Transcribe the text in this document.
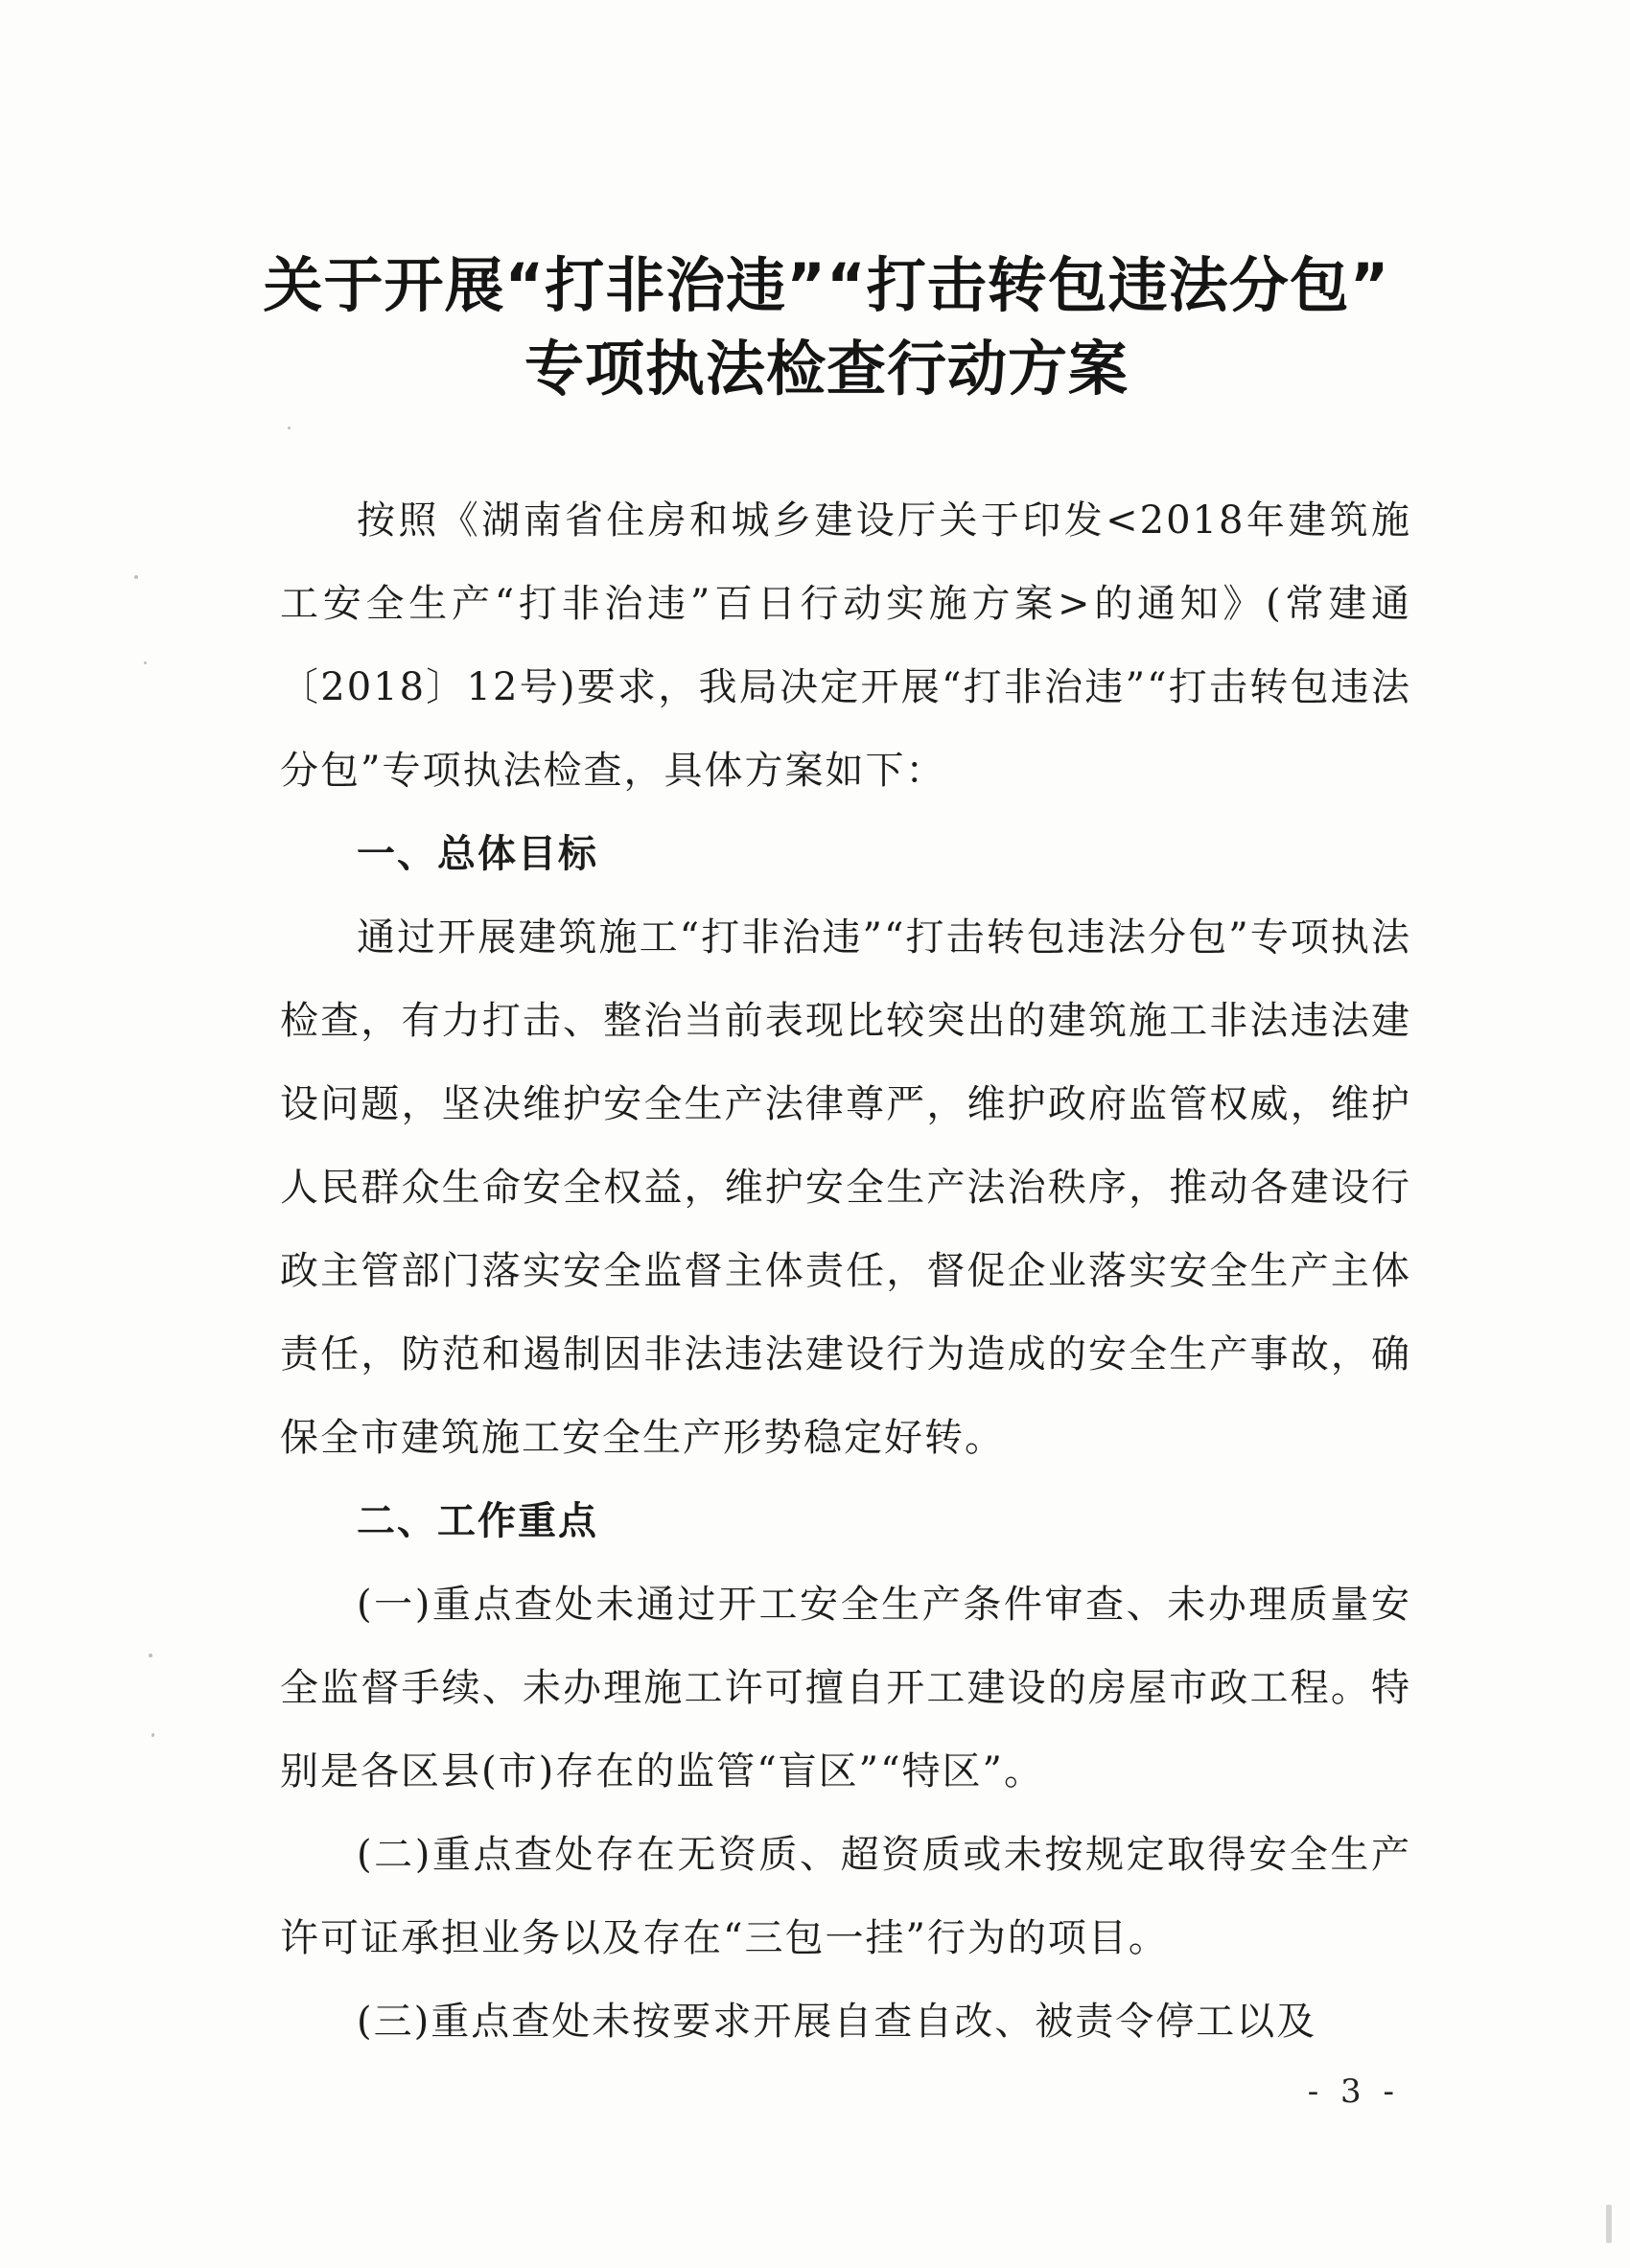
关于开展“打非治违”“打击转包违法分包”
专项执法检查行动方案

按照《湖南省住房和城乡建设厅关于印发<2018年建筑施工安全生产“打非治违”百日行动实施方案>的通知》(常建通〔2018〕12号)要求，我局决定开展“打非治违”“打击转包违法分包”专项执法检查，具体方案如下：

一、总体目标

通过开展建筑施工“打非治违”“打击转包违法分包”专项执法检查，有力打击、整治当前表现比较突出的建筑施工非法违法建设问题，坚决维护安全生产法律尊严，维护政府监管权威，维护人民群众生命安全权益，维护安全生产法治秩序，推动各建设行政主管部门落实安全监督主体责任，督促企业落实安全生产主体责任，防范和遏制因非法违法建设行为造成的安全生产事故，确保全市建筑施工安全生产形势稳定好转。

二、工作重点

(一)重点查处未通过开工安全生产条件审查、未办理质量安全监督手续、未办理施工许可擅自开工建设的房屋市政工程。特别是各区县(市)存在的监管“盲区”“特区”。

(二)重点查处存在无资质、超资质或未按规定取得安全生产许可证承担业务以及存在“三包一挂”行为的项目。

(三)重点查处未按要求开展自查自改、被责令停工以及

- 3 -
